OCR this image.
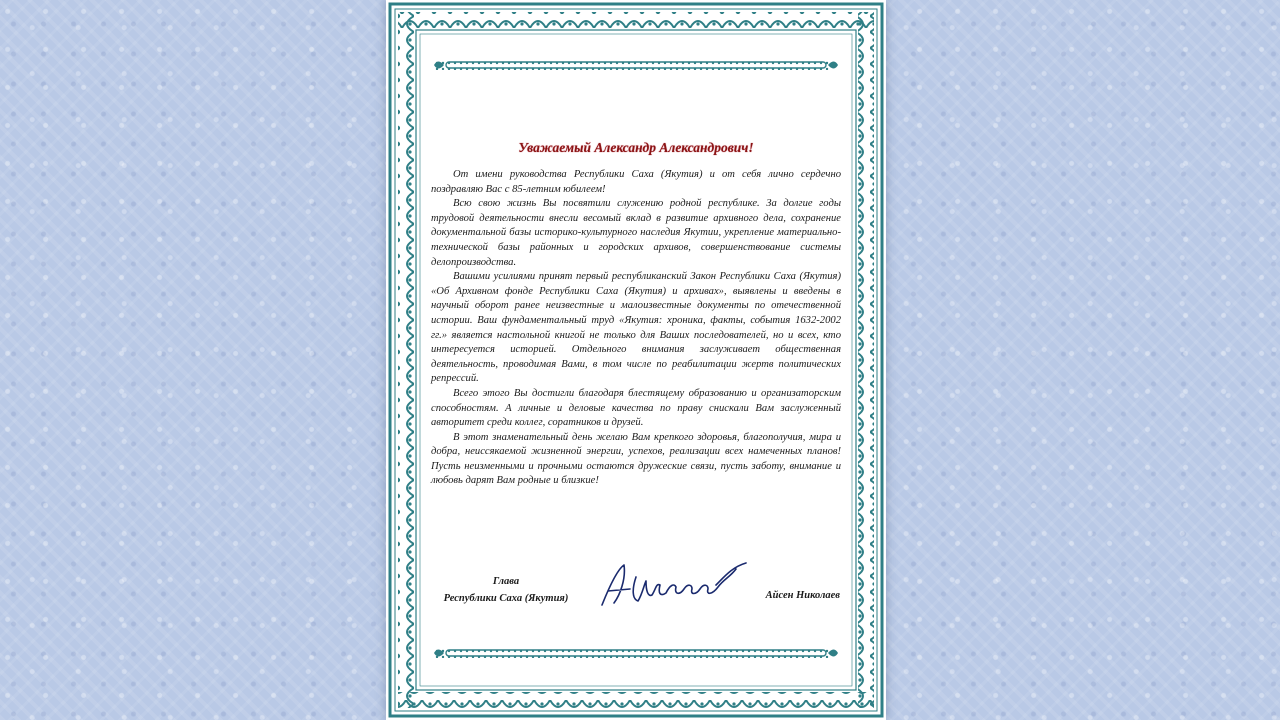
Уважаемый Александр Александрович!

От имени руководства Республики Саха (Якутия) и от себя лично сердечно поздравляю Вас с 85-летним юбилеем!

Всю свою жизнь Вы посвятили служению родной республике. За долгие годы трудовой деятельности внесли весомый вклад в развитие архивного дела, сохранение документальной базы историко-культурного наследия Якутии, укрепление материально-технической базы районных и городских архивов, совершенствование системы делопроизводства.

Вашими усилиями принят первый республиканский Закон Республики Саха (Якутия) «Об Архивном фонде Республики Саха (Якутия) и архивах», выявлены и введены в научный оборот ранее неизвестные и малоизвестные документы по отечественной истории. Ваш фундаментальный труд «Якутия: хроника, факты, события 1632-2002 гг.» является настольной книгой не только для Ваших последователей, но и всех, кто интересуется историей. Отдельного внимания заслуживает общественная деятельность, проводимая Вами, в том числе по реабилитации жертв политических репрессий.

Всего этого Вы достигли благодаря блестящему образованию и организаторским способностям. А личные и деловые качества по праву снискали Вам заслуженный авторитет среди коллег, соратников и друзей.

В этот знаменательный день желаю Вам крепкого здоровья, благополучия, мира и добра, неиссякаемой жизненной энергии, успехов, реализации всех намеченных планов! Пусть неизменными и прочными остаются дружеские связи, пусть заботу, внимание и любовь дарят Вам родные и близкие!

Глава
Республики Саха (Якутия)	Айсен Николаев
